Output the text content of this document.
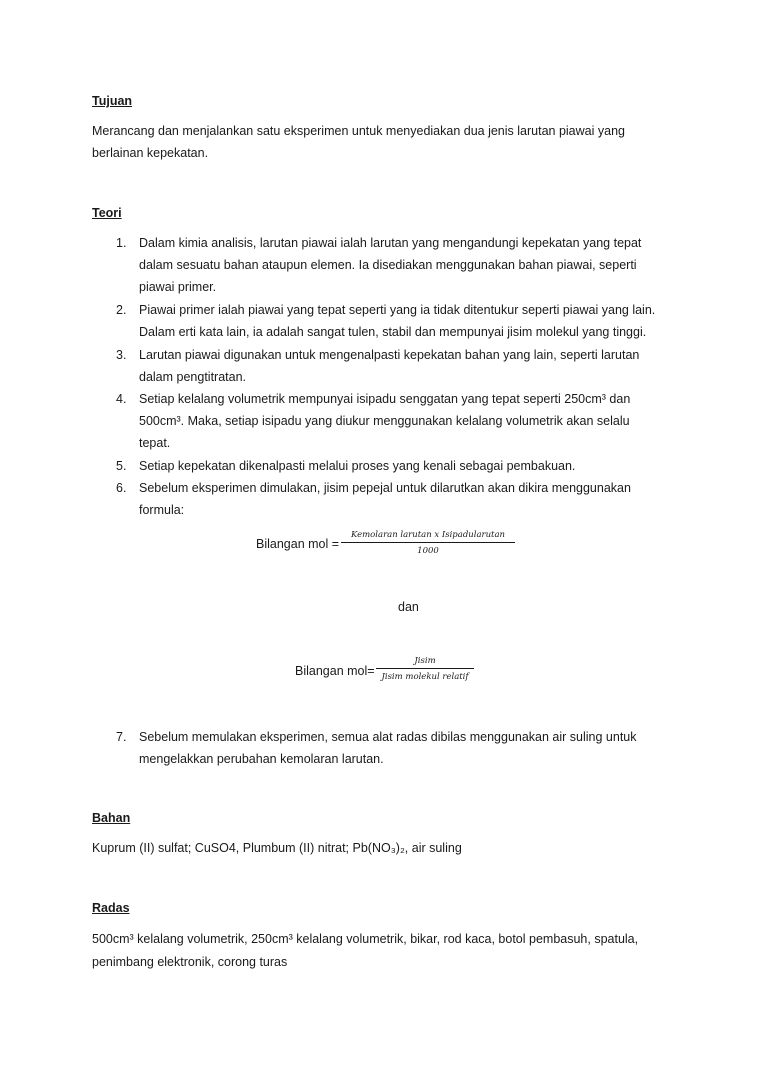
Tujuan
Merancang dan menjalankan satu eksperimen untuk menyediakan dua jenis larutan piawai yang
berlainan kepekatan.
Teori
1. Dalam kimia analisis, larutan piawai ialah larutan yang mengandungi kepekatan yang tepat
dalam sesuatu bahan ataupun elemen. Ia disediakan menggunakan bahan piawai, seperti
piawai primer.
2. Piawai primer ialah piawai yang tepat seperti yang ia tidak ditentukur seperti piawai yang lain.
Dalam erti kata lain, ia adalah sangat tulen, stabil dan mempunyai jisim molekul yang tinggi.
3. Larutan piawai digunakan untuk mengenalpasti kepekatan bahan yang lain, seperti larutan
dalam pengtitratan.
4. Setiap kelalang volumetrik mempunyai isipadu senggatan yang tepat seperti 250cm³ dan
500cm³. Maka, setiap isipadu yang diukur menggunakan kelalang volumetrik akan selalu
tepat.
5. Setiap kepekatan dikenalpasti melalui proses yang kenali sebagai pembakuan.
6. Sebelum eksperimen dimulakan, jisim pepejal untuk dilarutkan akan dikira menggunakan
formula:
Bilangan mol =
Kemolaran larutan x Isipadularutan
1000
dan
Bilangan mol=
Jisim
Jisim molekul relatif
7. Sebelum memulakan eksperimen, semua alat radas dibilas menggunakan air suling untuk
mengelakkan perubahan kemolaran larutan.
Bahan
Kuprum (II) sulfat; CuSO4, Plumbum (II) nitrat; Pb(NO₃)₂, air suling
Radas
500cm³ kelalang volumetrik, 250cm³ kelalang volumetrik, bikar, rod kaca, botol pembasuh, spatula,
penimbang elektronik, corong turas
